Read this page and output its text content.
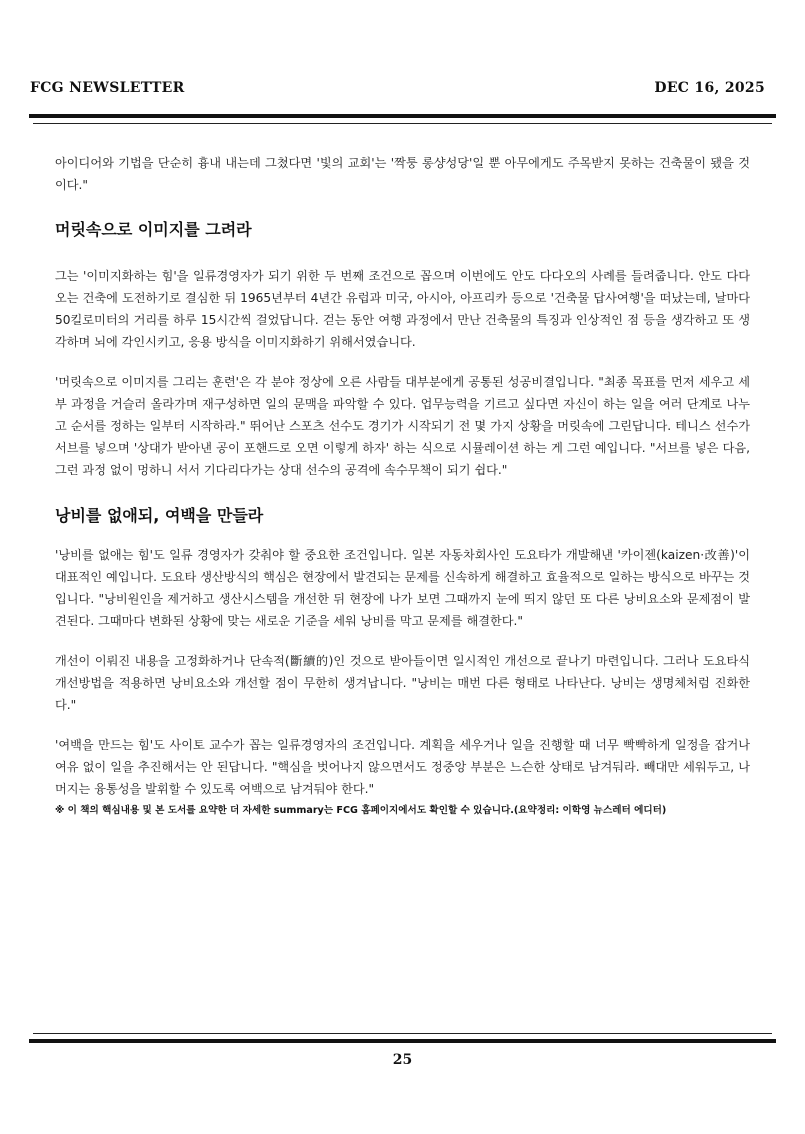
FCG NEWSLETTER	DEC 16, 2025

아이디어와 기법을 단순히 흉내 내는데 그쳤다면 '빛의 교회'는 '짝퉁 롱샹성당'일 뿐 아무에게도 주목받지 못하는 건축물이 됐을 것이다."

머릿속으로 이미지를 그려라

그는 '이미지화하는 힘'을 일류경영자가 되기 위한 두 번째 조건으로 꼽으며 이번에도 안도 다다오의 사례를 들려줍니다. 안도 다다오는 건축에 도전하기로 결심한 뒤 1965년부터 4년간 유럽과 미국, 아시아, 아프리카 등으로 '건축물 답사여행'을 떠났는데, 날마다 50킬로미터의 거리를 하루 15시간씩 걸었답니다. 걷는 동안 여행 과정에서 만난 건축물의 특징과 인상적인 점 등을 생각하고 또 생각하며 뇌에 각인시키고, 응용 방식을 이미지화하기 위해서였습니다.

'머릿속으로 이미지를 그리는 훈련'은 각 분야 정상에 오른 사람들 대부분에게 공통된 성공비결입니다. "최종 목표를 먼저 세우고 세부 과정을 거슬러 올라가며 재구성하면 일의 문맥을 파악할 수 있다. 업무능력을 기르고 싶다면 자신이 하는 일을 여러 단계로 나누고 순서를 정하는 일부터 시작하라." 뛰어난 스포츠 선수도 경기가 시작되기 전 몇 가지 상황을 머릿속에 그린답니다. 테니스 선수가 서브를 넣으며 '상대가 받아낸 공이 포핸드로 오면 이렇게 하자' 하는 식으로 시뮬레이션 하는 게 그런 예입니다. "서브를 넣은 다음, 그런 과정 없이 멍하니 서서 기다리다가는 상대 선수의 공격에 속수무책이 되기 쉽다."

낭비를 없애되, 여백을 만들라

'낭비를 없애는 힘'도 일류 경영자가 갖춰야 할 중요한 조건입니다. 일본 자동차회사인 도요타가 개발해낸 '카이젠(kaizen·改善)'이 대표적인 예입니다. 도요타 생산방식의 핵심은 현장에서 발견되는 문제를 신속하게 해결하고 효율적으로 일하는 방식으로 바꾸는 것입니다. "낭비원인을 제거하고 생산시스템을 개선한 뒤 현장에 나가 보면 그때까지 눈에 띄지 않던 또 다른 낭비요소와 문제점이 발견된다. 그때마다 변화된 상황에 맞는 새로운 기준을 세워 낭비를 막고 문제를 해결한다."

개선이 이뤄진 내용을 고정화하거나 단속적(斷續的)인 것으로 받아들이면 일시적인 개선으로 끝나기 마련입니다. 그러나 도요타식 개선방법을 적용하면 낭비요소와 개선할 점이 무한히 생겨납니다. "낭비는 매번 다른 형태로 나타난다. 낭비는 생명체처럼 진화한다."

'여백을 만드는 힘'도 사이토 교수가 꼽는 일류경영자의 조건입니다. 계획을 세우거나 일을 진행할 때 너무 빡빡하게 일정을 잡거나 여유 없이 일을 추진해서는 안 된답니다. "핵심을 벗어나지 않으면서도 정중앙 부분은 느슨한 상태로 남겨둬라. 빼대만 세워두고, 나머지는 융통성을 발휘할 수 있도록 여백으로 남겨둬야 한다."

※ 이 책의 핵심내용 및 본 도서를 요약한 더 자세한 summary는 FCG 홈페이지에서도 확인할 수 있습니다.(요약정리: 이학영 뉴스레터 에디터)

25
